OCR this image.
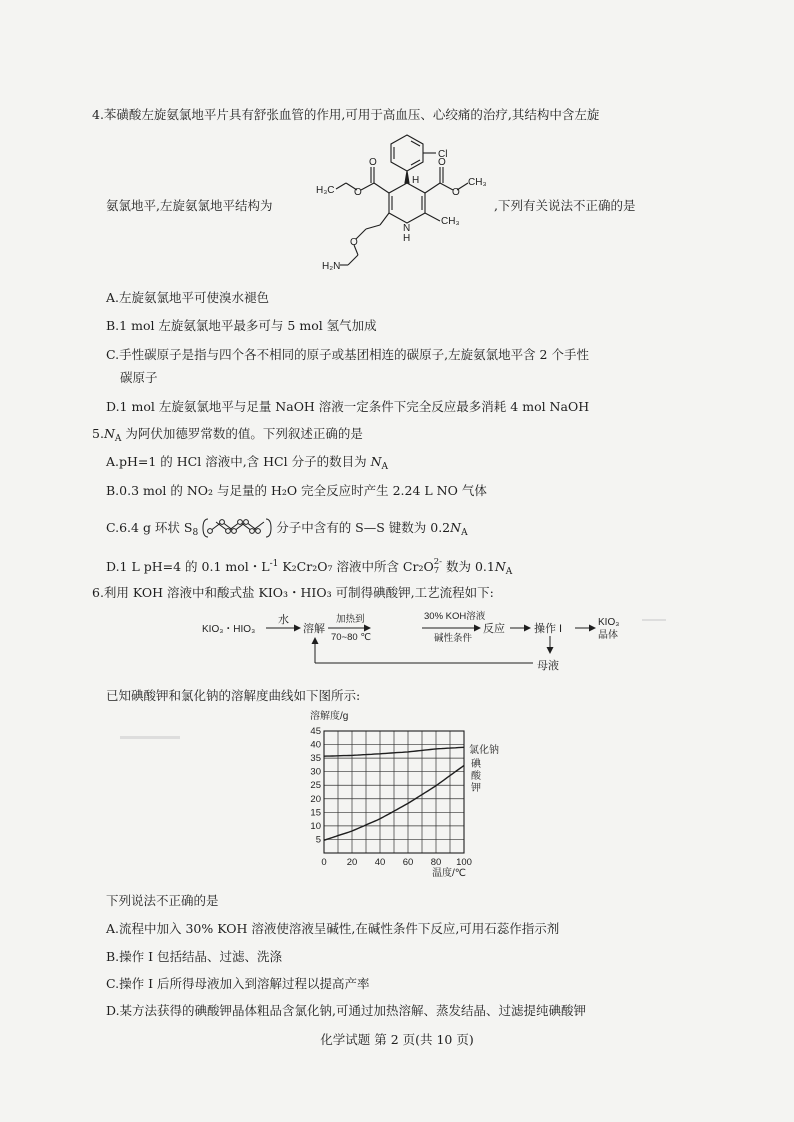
4.苯磺酸左旋氨氯地平片具有舒张血管的作用,可用于高血压、心绞痛的治疗,其结构中含左旋
氨氯地平,左旋氨氯地平结构为
Cl
H
O
O
CH₃
CH₃
O
O
H₃C
N
H
O
H₂N
,下列有关说法不正确的是
A.左旋氨氯地平可使溴水褪色
B.1 mol 左旋氨氯地平最多可与 5 mol 氢气加成
C.手性碳原子是指与四个各不相同的原子或基团相连的碳原子,左旋氨氯地平含 2 个手性
碳原子
D.1 mol 左旋氨氯地平与足量 NaOH 溶液一定条件下完全反应最多消耗 4 mol NaOH
$5.N_A$ 为阿伏加德罗常数的值。下列叙述正确的是
A.pH=1 的 HCl 溶液中,含 HCl 分子的数目为 $N_A$
B.0.3 mol 的 NO₂ 与足量的 H₂O 完全反应时产生 2.24 L NO 气体
C.6.4 g 环状 $S_8$	分子中含有的 S—S 键数为 $0.2N_A$
D.1 L pH=4 的 0.1 mol・$L^{-1}$ K₂Cr₂O₇ 溶液中所含 Cr₂O 2-
7 数为 $0.1N_A$
6.利用 KOH 溶液中和酸式盐 KIO₃・HIO₃ 可制得碘酸钾,工艺流程如下:
KIO₃・HIO₃
水
溶解
加热到
70~80 ℃
30% KOH溶液
碱性条件
反应	操作 I
KIO₃
晶体
母液
已知碘酸钾和氯化钠的溶解度曲线如下图所示:
0 20 40 60 80 100
5
10
15
20
25
30
35
40
45
溶解度/g
温度/℃
氯化钠
碘酸钾
下列说法不正确的是
A.流程中加入 30% KOH 溶液使溶液呈碱性,在碱性条件下反应,可用石蕊作指示剂
B.操作 I 包括结晶、过滤、洗涤
C.操作 I 后所得母液加入到溶解过程以提高产率
D.某方法获得的碘酸钾晶体粗品含氯化钠,可通过加热溶解、蒸发结晶、过滤提纯碘酸钾
化学试题 第 2 页(共 10 页)
